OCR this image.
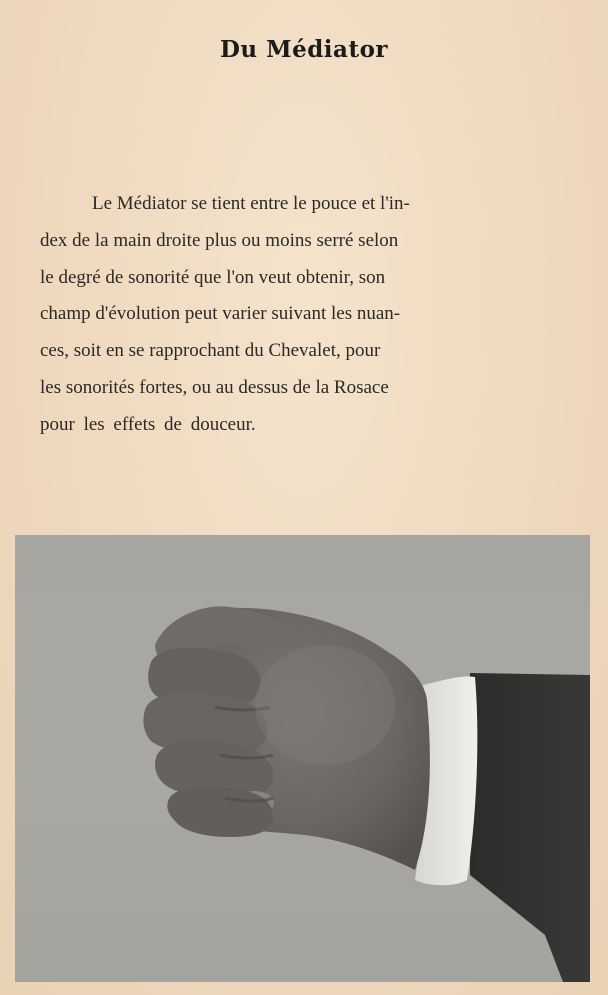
Du Médiator
Le Médiator se tient entre le pouce et l'in-
dex de la main droite plus ou moins serré selon
le degré de sonorité que l'on veut obtenir, son
champ d'évolution peut varier suivant les nuan-
ces, soit en se rapprochant du Chevalet, pour
les sonorités fortes, ou au dessus de la Rosace
pour les effets de douceur.
